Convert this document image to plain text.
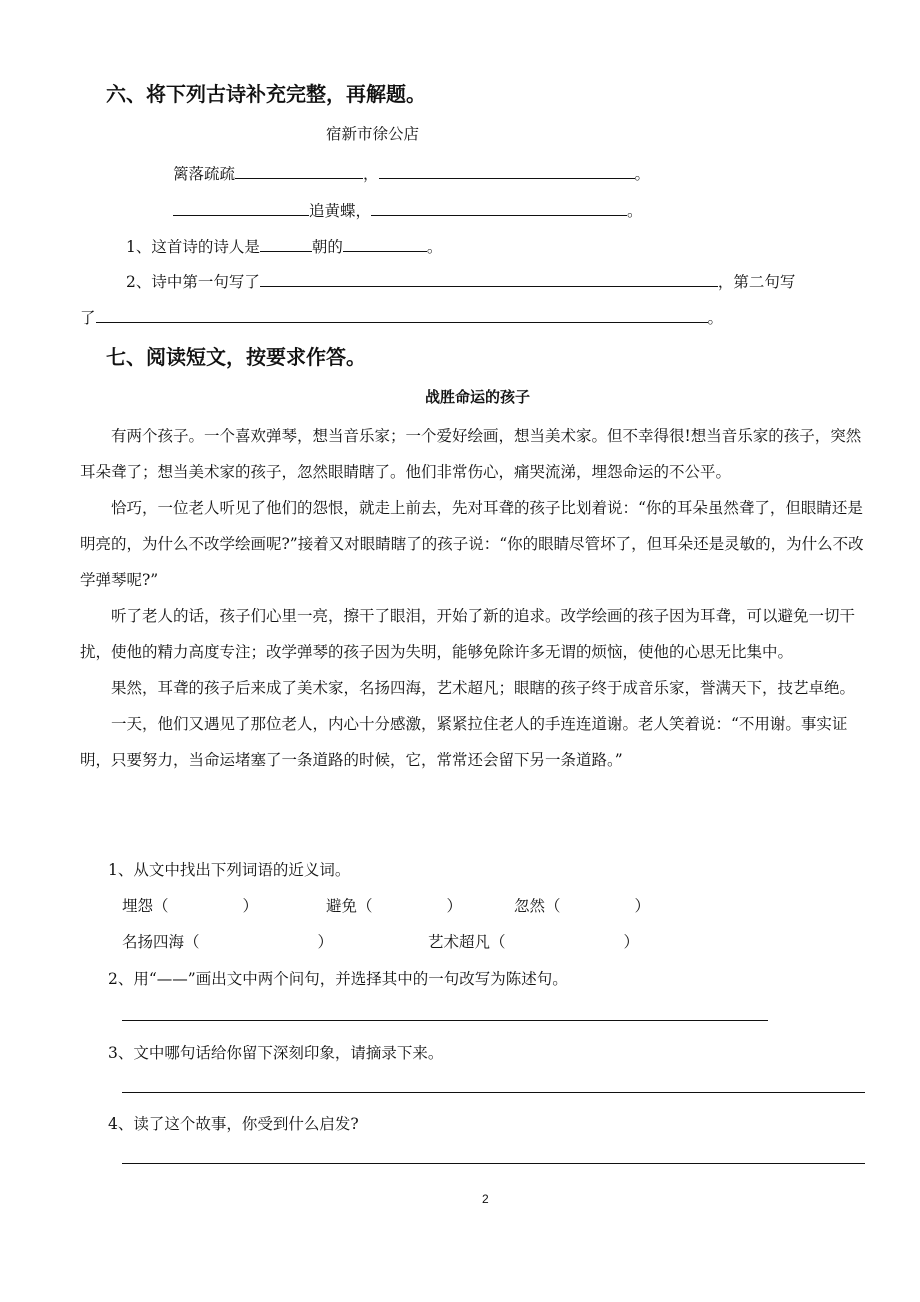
六、将下列古诗补充完整，再解题。
宿新市徐公店
篱落疏疏	，	。
追黄蝶，	。
1、这首诗的诗人是	朝的	。
2、诗中第一句写了	，第二句写
了	。
七、阅读短文，按要求作答。
战胜命运的孩子

有两个孩子。一个喜欢弹琴，想当音乐家；一个爱好绘画，想当美术家。但不幸得很!想当音乐家的孩子，突然耳朵聋了；想当美术家的孩子，忽然眼睛瞎了。他们非常伤心，痛哭流涕，埋怨命运的不公平。

恰巧，一位老人听见了他们的怨恨，就走上前去，先对耳聋的孩子比划着说：“你的耳朵虽然聋了，但眼睛还是明亮的，为什么不改学绘画呢?”接着又对眼睛瞎了的孩子说：“你的眼睛尽管坏了，但耳朵还是灵敏的，为什么不改学弹琴呢?”

听了老人的话，孩子们心里一亮，擦干了眼泪，开始了新的追求。改学绘画的孩子因为耳聋，可以避免一切干扰，使他的精力高度专注；改学弹琴的孩子因为失明，能够免除许多无谓的烦恼，使他的心思无比集中。

果然，耳聋的孩子后来成了美术家，名扬四海，艺术超凡；眼瞎的孩子终于成音乐家，誉满天下，技艺卓绝。

一天，他们又遇见了那位老人，内心十分感激，紧紧拉住老人的手连连道谢。老人笑着说：“不用谢。事实证明，只要努力，当命运堵塞了一条道路的时候，它，常常还会留下另一条道路。”

1、从文中找出下列词语的近义词。
埋怨（	）	避免（	）	忽然（	）
名扬四海（	）	艺术超凡（	）
2、用“——”画出文中两个问句，并选择其中的一句改写为陈述句。
3、文中哪句话给你留下深刻印象，请摘录下来。
4、读了这个故事，你受到什么启发?
2
